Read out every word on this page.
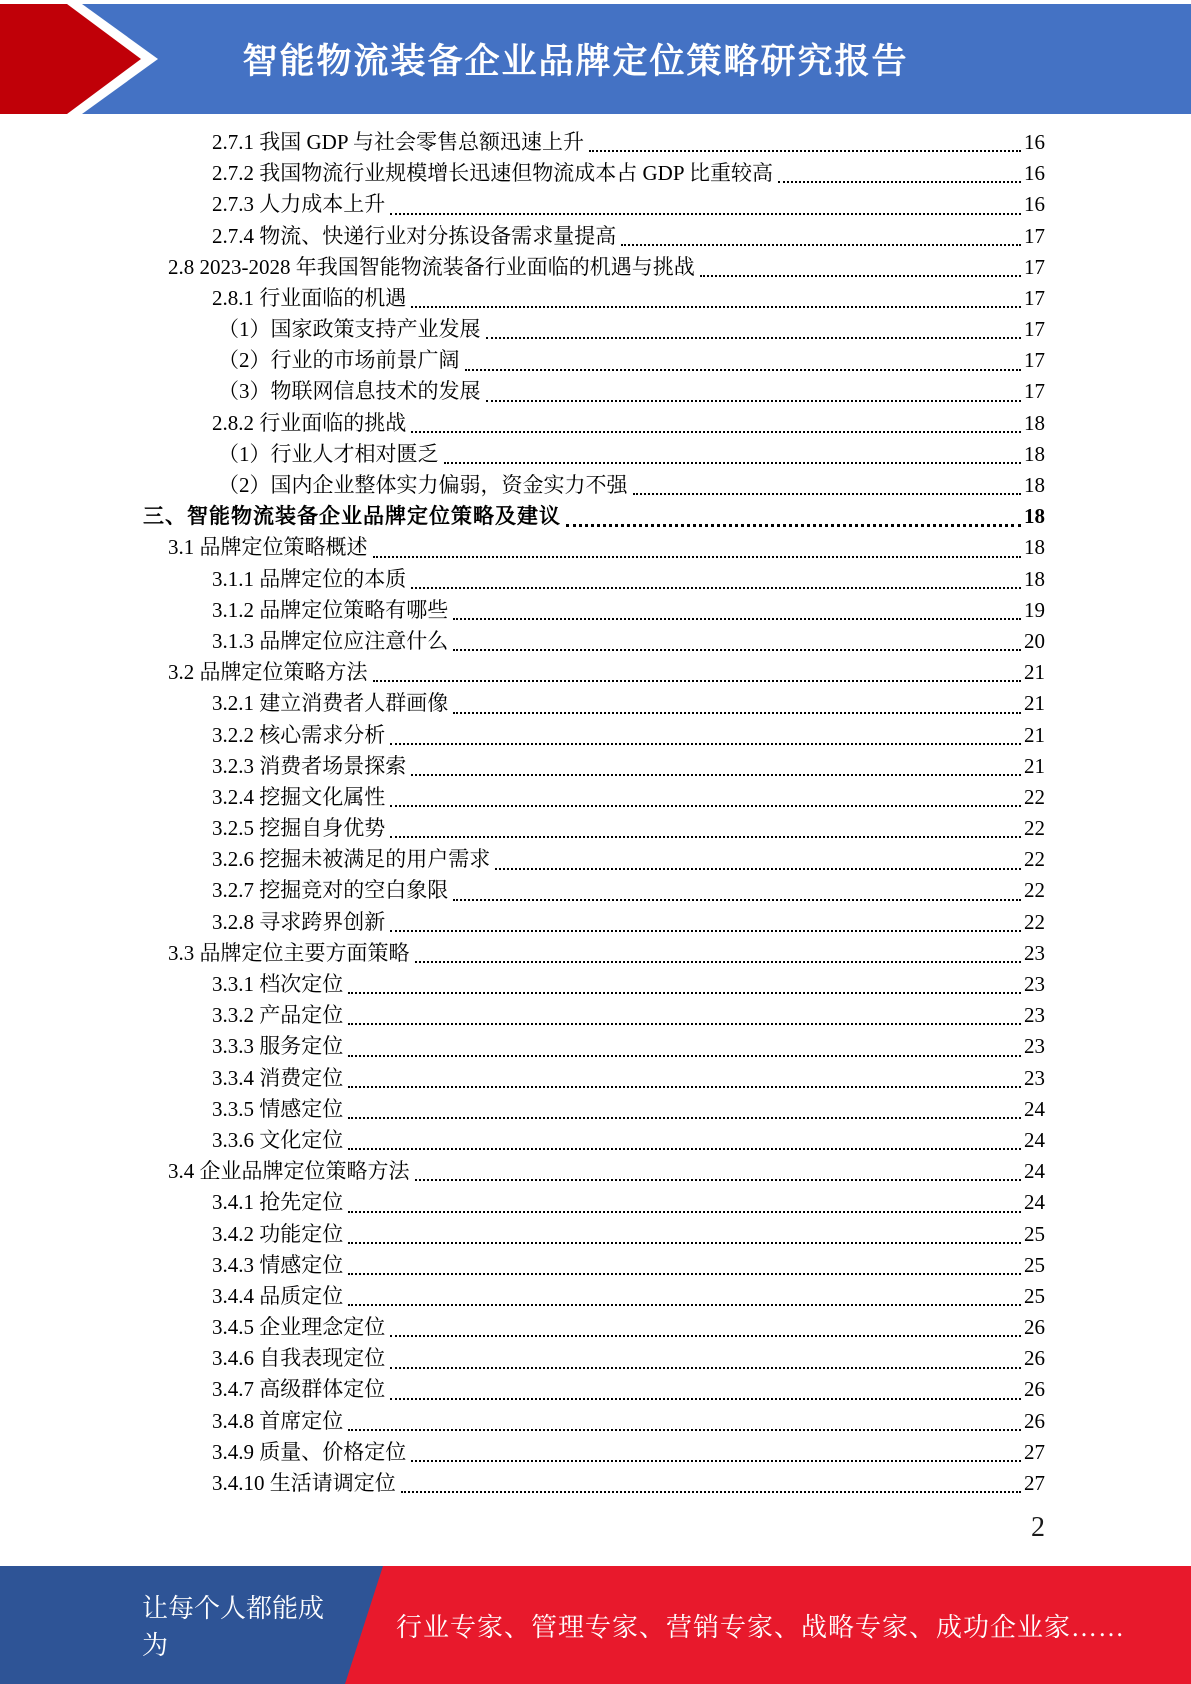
智能物流装备企业品牌定位策略研究报告
2.7.1 我国 GDP 与社会零售总额迅速上升	16
2.7.2 我国物流行业规模增长迅速但物流成本占 GDP 比重较高	16
2.7.3 人力成本上升	16
2.7.4 物流、快递行业对分拣设备需求量提高	17
2.8 2023-2028 年我国智能物流装备行业面临的机遇与挑战	17
2.8.1 行业面临的机遇	17
（1）国家政策支持产业发展	17
（2）行业的市场前景广阔	17
（3）物联网信息技术的发展	17
2.8.2 行业面临的挑战	18
（1）行业人才相对匮乏	18
（2）国内企业整体实力偏弱，资金实力不强	18
三、智能物流装备企业品牌定位策略及建议	18
3.1 品牌定位策略概述	18
3.1.1 品牌定位的本质	18
3.1.2 品牌定位策略有哪些	19
3.1.3 品牌定位应注意什么	20
3.2 品牌定位策略方法	21
3.2.1 建立消费者人群画像	21
3.2.2 核心需求分析	21
3.2.3 消费者场景探索	21
3.2.4 挖掘文化属性	22
3.2.5 挖掘自身优势	22
3.2.6 挖掘未被满足的用户需求	22
3.2.7 挖掘竞对的空白象限	22
3.2.8 寻求跨界创新	22
3.3 品牌定位主要方面策略	23
3.3.1 档次定位	23
3.3.2 产品定位	23
3.3.3 服务定位	23
3.3.4 消费定位	23
3.3.5 情感定位	24
3.3.6 文化定位	24
3.4 企业品牌定位策略方法	24
3.4.1 抢先定位	24
3.4.2 功能定位	25
3.4.3 情感定位	25
3.4.4 品质定位	25
3.4.5 企业理念定位	26
3.4.6 自我表现定位	26
3.4.7 高级群体定位	26
3.4.8 首席定位	26
3.4.9 质量、价格定位	27
3.4.10 生活请调定位	27
2
让每个人都能成为
行业专家、管理专家、营销专家、战略专家、成功企业家……
